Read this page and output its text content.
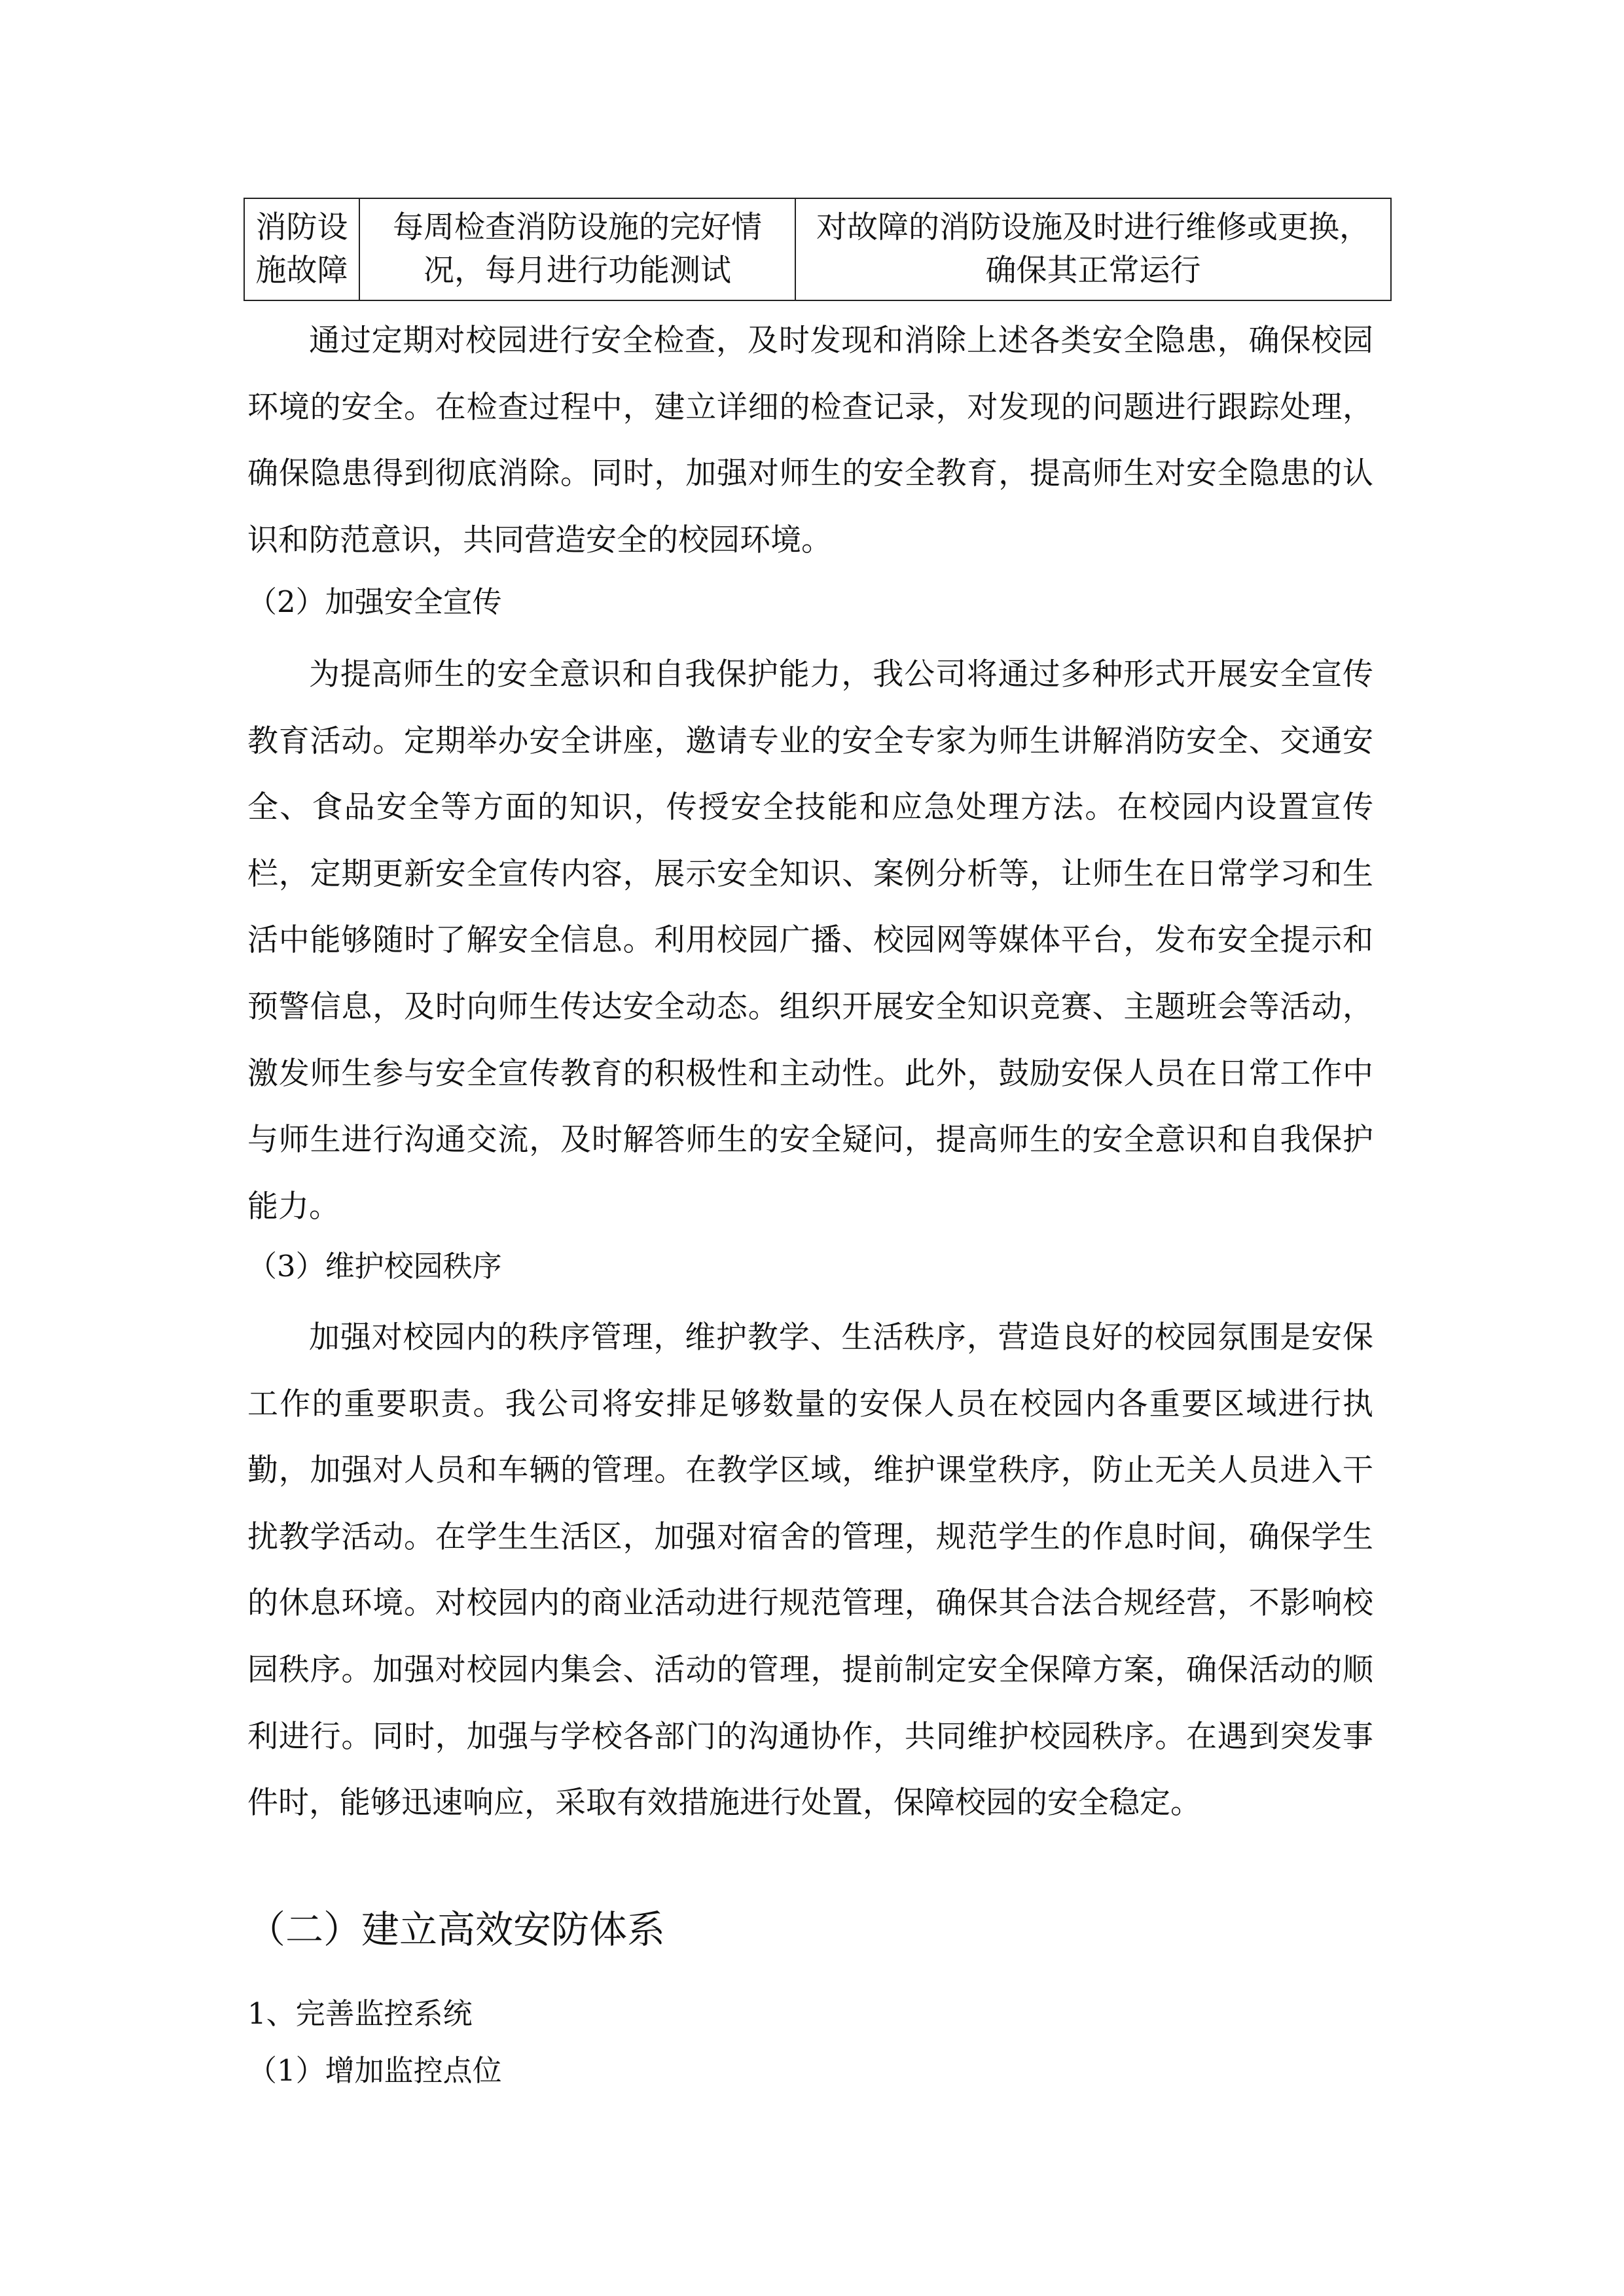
消防设施故障	每周检查消防设施的完好情况，每月进行功能测试	对故障的消防设施及时进行维修或更换，确保其正常运行

通过定期对校园进行安全检查，及时发现和消除上述各类安全隐患，确保校园环境的安全。在检查过程中，建立详细的检查记录，对发现的问题进行跟踪处理，确保隐患得到彻底消除。同时，加强对师生的安全教育，提高师生对安全隐患的认识和防范意识，共同营造安全的校园环境。

（2）加强安全宣传

为提高师生的安全意识和自我保护能力，我公司将通过多种形式开展安全宣传教育活动。定期举办安全讲座，邀请专业的安全专家为师生讲解消防安全、交通安全、食品安全等方面的知识，传授安全技能和应急处理方法。在校园内设置宣传栏，定期更新安全宣传内容，展示安全知识、案例分析等，让师生在日常学习和生活中能够随时了解安全信息。利用校园广播、校园网等媒体平台，发布安全提示和预警信息，及时向师生传达安全动态。组织开展安全知识竞赛、主题班会等活动，激发师生参与安全宣传教育的积极性和主动性。此外，鼓励安保人员在日常工作中与师生进行沟通交流，及时解答师生的安全疑问，提高师生的安全意识和自我保护能力。

（3）维护校园秩序

加强对校园内的秩序管理，维护教学、生活秩序，营造良好的校园氛围是安保工作的重要职责。我公司将安排足够数量的安保人员在校园内各重要区域进行执勤，加强对人员和车辆的管理。在教学区域，维护课堂秩序，防止无关人员进入干扰教学活动。在学生生活区，加强对宿舍的管理，规范学生的作息时间，确保学生的休息环境。对校园内的商业活动进行规范管理，确保其合法合规经营，不影响校园秩序。加强对校园内集会、活动的管理，提前制定安全保障方案，确保活动的顺利进行。同时，加强与学校各部门的沟通协作，共同维护校园秩序。在遇到突发事件时，能够迅速响应，采取有效措施进行处置，保障校园的安全稳定。

（二）建立高效安防体系

1、完善监控系统

（1）增加监控点位
